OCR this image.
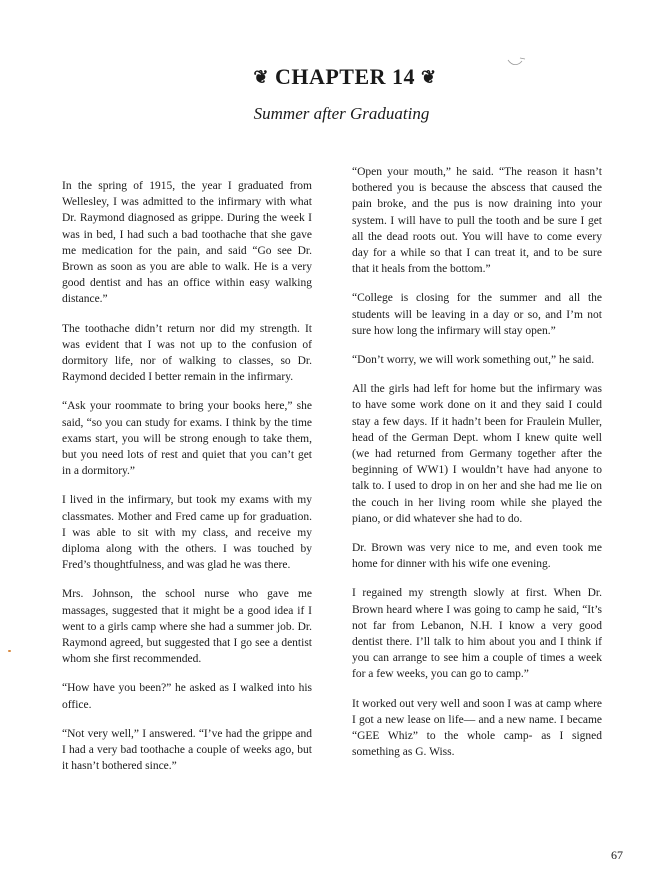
❦ CHAPTER 14 ❦
Summer after Graduating

In the spring of 1915, the year I graduated from Wellesley, I was admitted to the infirmary with what Dr. Raymond diagnosed as grippe. During the week I was in bed, I had such a bad toothache that she gave me medication for the pain, and said “Go see Dr. Brown as soon as you are able to walk. He is a very good dentist and has an office within easy walking distance.”

The toothache didn’t return nor did my strength. It was evident that I was not up to the confusion of dormitory life, nor of walking to classes, so Dr. Raymond decided I better remain in the infirmary.

“Ask your roommate to bring your books here,” she said, “so you can study for exams. I think by the time exams start, you will be strong enough to take them, but you need lots of rest and quiet that you can’t get in a dormitory.”

I lived in the infirmary, but took my exams with my classmates. Mother and Fred came up for graduation. I was able to sit with my class, and receive my diploma along with the others. I was touched by Fred’s thoughtfulness, and was glad he was there.

Mrs. Johnson, the school nurse who gave me massages, suggested that it might be a good idea if I went to a girls camp where she had a summer job. Dr. Raymond agreed, but suggested that I go see a dentist whom she first recommended.

“How have you been?” he asked as I walked into his office.

“Not very well,” I answered. “I’ve had the grippe and I had a very bad toothache a couple of weeks ago, but it hasn’t bothered since.”

“Open your mouth,” he said. “The reason it hasn’t bothered you is because the abscess that caused the pain broke, and the pus is now draining into your system. I will have to pull the tooth and be sure I get all the dead roots out. You will have to come every day for a while so that I can treat it, and to be sure that it heals from the bottom.”

“College is closing for the summer and all the students will be leaving in a day or so, and I’m not sure how long the infirmary will stay open.”

“Don’t worry, we will work something out,” he said.

All the girls had left for home but the infirmary was to have some work done on it and they said I could stay a few days. If it hadn’t been for Fraulein Muller, head of the German Dept. whom I knew quite well (we had returned from Germany together after the beginning of WW1) I wouldn’t have had anyone to talk to. I used to drop in on her and she had me lie on the couch in her living room while she played the piano, or did whatever she had to do.

Dr. Brown was very nice to me, and even took me home for dinner with his wife one evening.

I regained my strength slowly at first. When Dr. Brown heard where I was going to camp he said, “It’s not far from Lebanon, N.H. I know a very good dentist there. I’ll talk to him about you and I think if you can arrange to see him a couple of times a week for a few weeks, you can go to camp.”

It worked out very well and soon I was at camp where I got a new lease on life— and a new name. I became “GEE Whiz” to the whole camp- as I signed something as G. Wiss.

67
